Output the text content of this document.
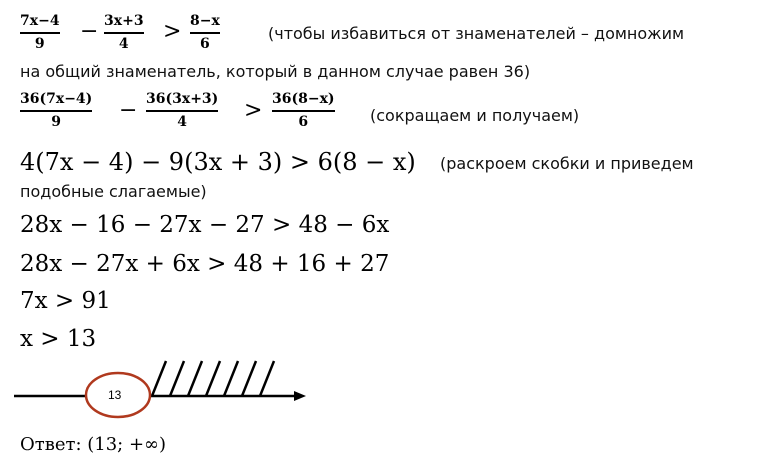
7x−4
9 − 3x+3
4 > 8−x
6
(чтобы избавиться от знаменателей – домножим
на общий знаменатель, который в данном случае равен 36)
36(7x−4)
9	− 36(3x+3)
4	> 36(8−x)
6	(сокращаем и получаем)
4(7x − 4) − 9(3x + 3) > 6(8 − x) (раскроем скобки и приведем
подобные слагаемые)
28x − 16 − 27x − 27 > 48 − 6x
28x − 27x + 6x > 48 + 16 + 27
7x > 91
x > 13
13
Ответ: (13; +∞)
